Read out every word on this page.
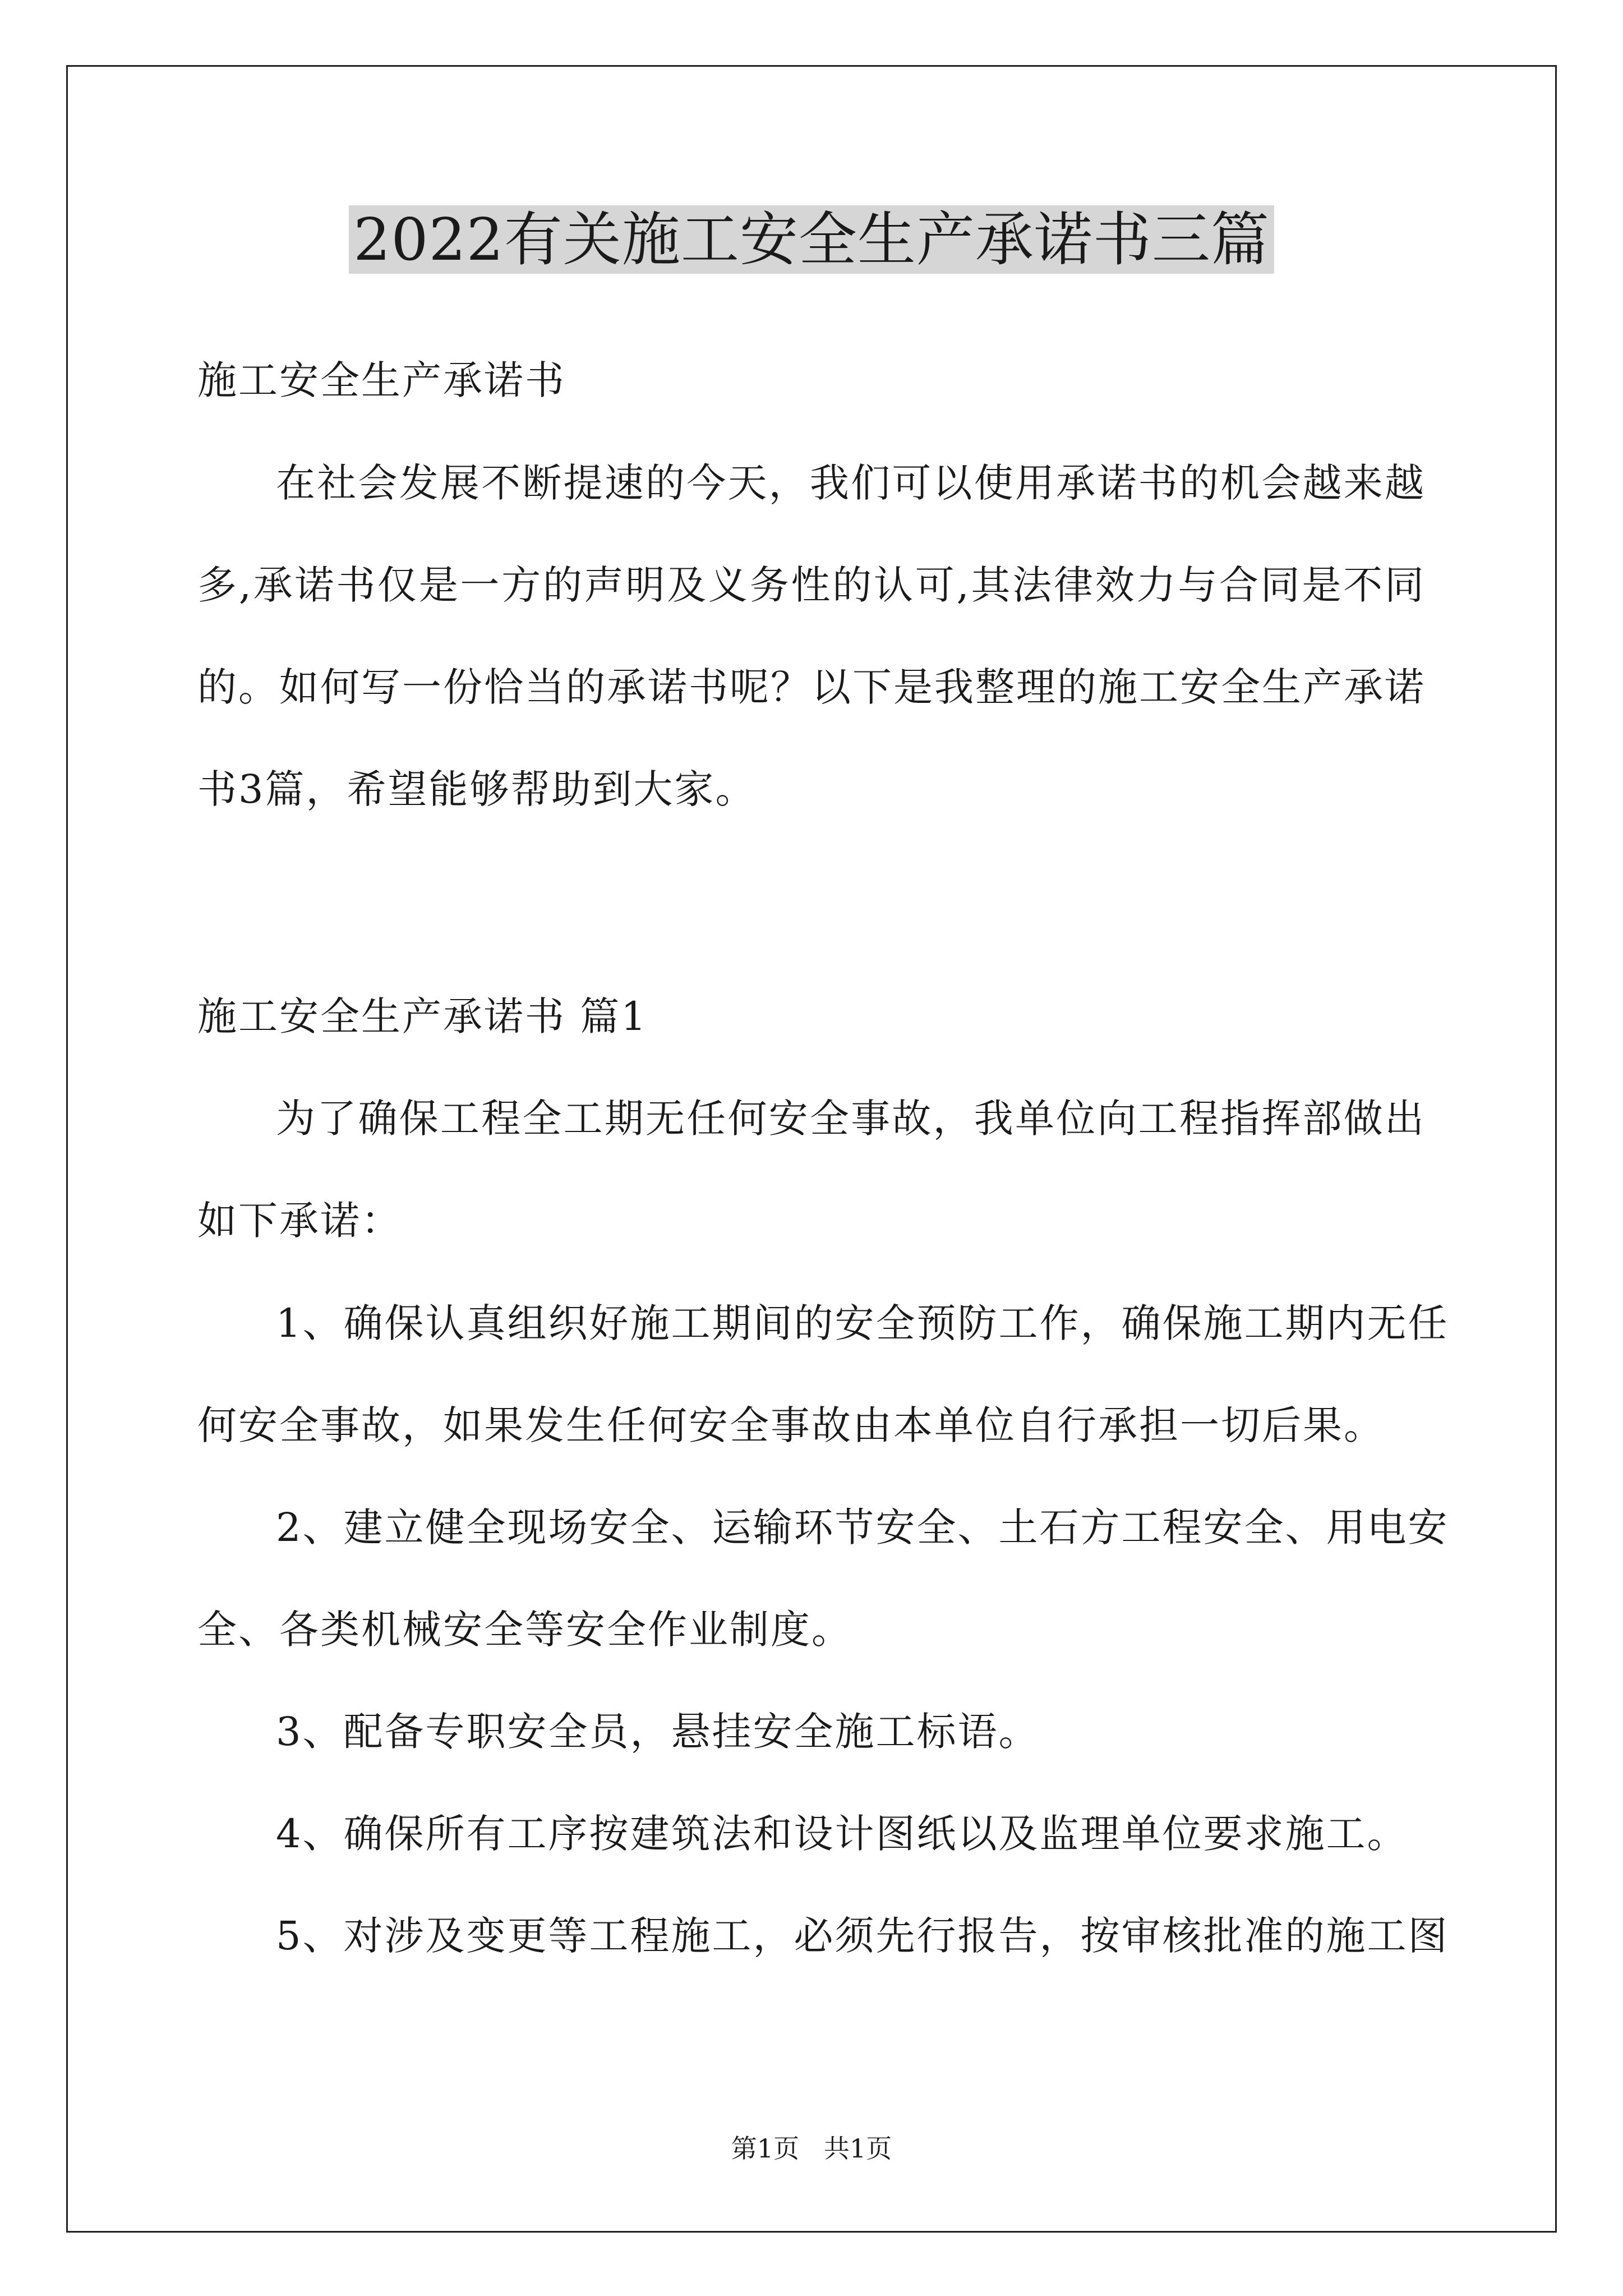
2022有关施工安全生产承诺书三篇
施工安全生产承诺书
在社会发展不断提速的今天，我们可以使用承诺书的机会越来越
多,承诺书仅是一方的声明及义务性的认可,其法律效力与合同是不同
的。如何写一份恰当的承诺书呢？以下是我整理的施工安全生产承诺
书3篇，希望能够帮助到大家。
施工安全生产承诺书 篇1
为了确保工程全工期无任何安全事故，我单位向工程指挥部做出
如下承诺：
1、确保认真组织好施工期间的安全预防工作，确保施工期内无任
何安全事故，如果发生任何安全事故由本单位自行承担一切后果。
2、建立健全现场安全、运输环节安全、土石方工程安全、用电安
全、各类机械安全等安全作业制度。
3、配备专职安全员，悬挂安全施工标语。
4、确保所有工序按建筑法和设计图纸以及监理单位要求施工。
5、对涉及变更等工程施工，必须先行报告，按审核批准的施工图
第1页   共1页
